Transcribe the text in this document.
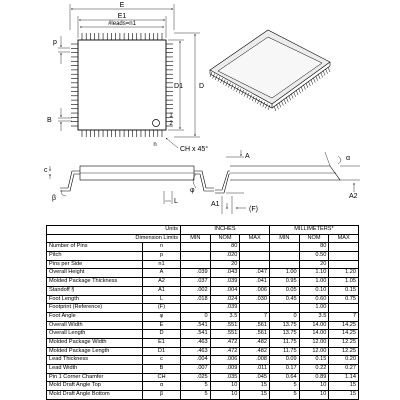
E
E1
#leads=n1
D
D1
p
B
n
1
2
CH x 45°
c
β	L
φ
A
A1
(F)
A2
α
Units		INCHES			MILLIMETERS*		
Dimension Limits		MIN	NOM	MAX	MIN	NOM	MAX
Number of Pins	n		80			80	
Pitch	p		.020			0.50	
Pins per Side	n1		20			20	
Overall Height	A	.039	.043	.047	1.00	1.10	1.20
Molded Package Thickness	A2	.037	.039	.041	0.95	1.00	1.05
Standoff §	A1	.002	.004	.006	0.05	0.10	0.15
Foot Length	L	.018	.024	.030	0.45	0.60	0.75
Footprint (Reference)	(F)		.039			1.00	
Foot Angle	φ	0	3.5	7	0	3.5	7
Overall Width	E	.541	.551	.561	13.75	14.00	14.25
Overall Length	D	.541	.551	.561	13.75	14.00	14.25
Molded Package Width	E1	.463	.472	.482	11.75	12.00	12.25
Molded Package Length	D1	.463	.472	.482	11.75	12.00	12.25
Lead Thickness	c	.004	.006	.008	0.09	0.15	0.20
Lead Width	B	.007	.009	.011	0.17	0.22	0.27
Pin 1 Corner Chamfer	CH	.025	.035	.045	0.64	0.89	1.14
Mold Draft Angle Top	α	5	10	15	5	10	15
Mold Draft Angle Bottom	β	5	10	15	5	10	15
